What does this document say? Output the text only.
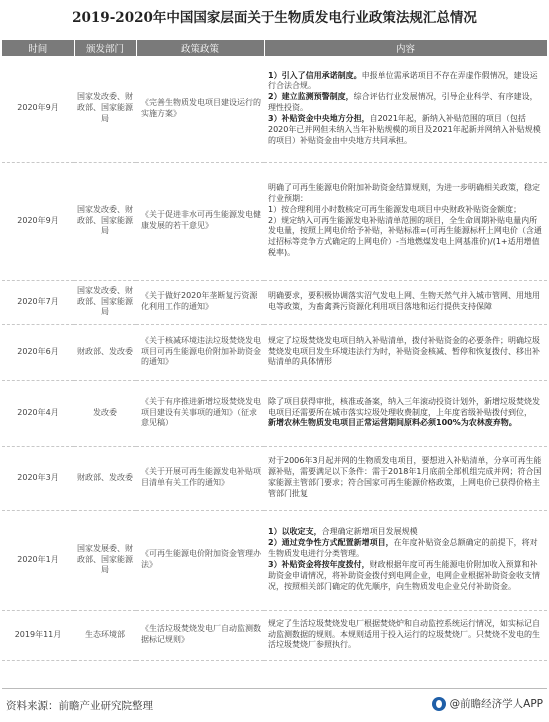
2019-2020年中国国家层面关于生物质发电行业政策法规汇总情况
时间	颁发部门	政策政策	内容
2020年9月	国家发改委、财政部、国家能源局	《完善生物质发电项目建设运行的实施方案》	1）引入了信用承诺制度。申报单位需承诺项目不存在弄虚作假情况，建设运行合法合规。
2）建立监测预警制度，综合评估行业发展情况，引导企业科学、有序建设，理性投资。
3）补贴资金中央地方分担，自2021年起，新纳入补贴范围的项目（包括2020年已并网但未纳入当年补贴规模的项目及2021年起新并网纳入补贴规模的项目）补贴资金由中央地方共同承担。

2020年9月	国家发改委、财政部、国家能源局	《关于促进非水可再生能源发电健康发展的若干意见》	明确了可再生能源电价附加补助资金结算规则，为进一步明确相关政策，稳定行业预期：
1）按合理利用小时数核定可再生能源发电项目中央财政补贴资金额度；
2）规定纳入可再生能源发电补贴清单范围的项目，全生命周期补贴电量内所发电量，按照上网电价给予补贴，补贴标准=(可再生能源标杆上网电价（含通过招标等竞争方式确定的上网电价）-当地燃煤发电上网基准价)/(1+适用增值税率)。

2020年7月	国家发改委、财政部、国家能源局	《关于做好2020年垄断复污资源化利用工作的通知》	明确要求，要积极协调落实沼气发电上网、生物天然气并入城市管网、用地用电等政策，为畜禽粪污资源化利用项目落地和运行提供支持保障

2020年6月	财政部、发改委	《关于核减环境违法垃圾焚烧发电项目可再生能源电价附加补助资金的通知》	规定了垃圾焚烧发电项目纳入补贴清单，拨付补贴资金的必要条件；明确垃圾焚烧发电项目发生环境违法行为时，补贴资金核减、暂停和恢复拨付、移出补贴清单的具体情形

2020年4月	发改委	《关于有序推进新增垃圾焚烧发电项目建设有关事项的通知》（征求意见稿）	除了项目获得审批，核准或备案，纳入三年滚动投资计划外，新增垃圾焚烧发电项目还需要所在城市落实垃圾处理收费制度，上年度省级补贴拨付到位，
新增农林生物质发电项目正常运营期间原料必须100%为农林废弃物。

2020年3月	财政部、发改委	《关于开展可再生能源发电补贴项目清单有关工作的通知》	对于2006年3月起并网的生物质发电项目，要想进入补贴清单，分享可再生能源补贴，需要满足以下条件：需于2018年1月底前全部机组完成并网；符合国家能源主管部门要求；符合国家可再生能源价格政策，上网电价已获得价格主管部门批复

2020年1月	国家发展委、财政部、国家能源局	《可再生能源电价附加资金管理办法》	1）以收定支，合理确定新增项目发展规模
2）通过竞争性方式配置新增项目，在年度补贴资金总额确定的前提下，将对生物质发电进行分类管理。
3）补贴资金将按年度拨付，财政根据年度可再生能源电价附加收入预算和补助资金申请情况，将补助资金拨付到电网企业，电网企业根据补助资金收支情况，按照相关部门确定的优先顺序，向生物质发电企业兑付补助资金。

2019年11月	生态环境部	《生活垃圾焚烧发电厂自动监测数据标记规则》	规定了生活垃圾焚烧发电厂根据焚烧炉和自动监控系统运行情况，如实标记自动监测数据的规则。本规则适用于投入运行的垃圾焚烧厂。只焚烧不发电的生活垃圾焚烧厂参照执行。
资料来源：前瞻产业研究院整理	@前瞻经济学人APP
